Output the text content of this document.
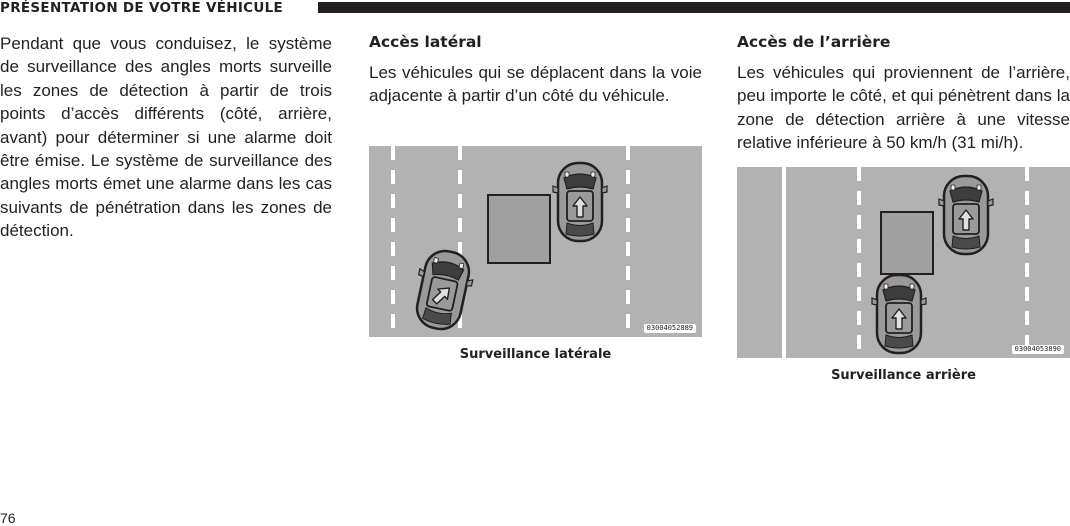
PRÉSENTATION DE VOTRE VÉHICULE

Pendant que vous conduisez, le système de surveillance des angles morts surveille les zones de détection à partir de trois points d’accès différents (côté, arrière, avant) pour déterminer si une alarme doit être émise. Le système de surveillance des angles morts émet une alarme dans les cas suivants de pénétration dans les zones de détection.

Accès latéral

Les véhicules qui se déplacent dans la voie adjacente à partir d’un côté du véhicule.

Accès de l’arrière

Les véhicules qui proviennent de l’arrière, peu importe le côté, et qui pénètrent dans la zone de détection arrière à une vitesse relative inférieure à 50 km/h (31 mi/h).

03004052889
Surveillance latérale	03004053890
Surveillance arrière
76
